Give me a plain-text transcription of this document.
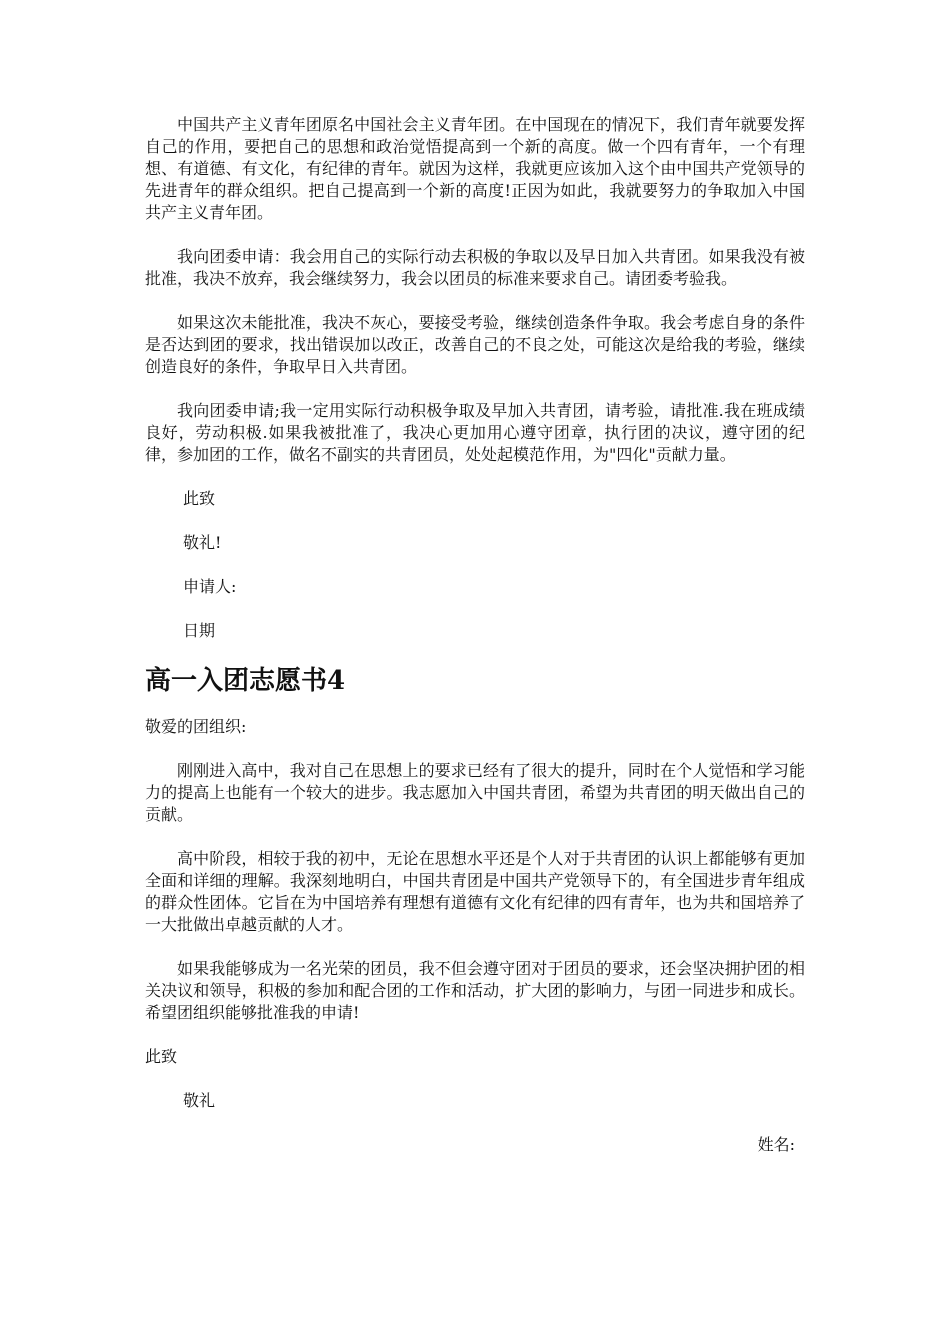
中国共产主义青年团原名中国社会主义青年团。在中国现在的情况下，我们青年就要发挥自己的作用，要把自己的思想和政治觉悟提高到一个新的高度。做一个四有青年，一个有理想、有道德、有文化，有纪律的青年。就因为这样，我就更应该加入这个由中国共产党领导的先进青年的群众组织。把自己提高到一个新的高度!正因为如此，我就要努力的争取加入中国共产主义青年团。

我向团委申请：我会用自己的实际行动去积极的争取以及早日加入共青团。如果我没有被批准，我决不放弃，我会继续努力，我会以团员的标准来要求自己。请团委考验我。

如果这次未能批准，我决不灰心，要接受考验，继续创造条件争取。我会考虑自身的条件是否达到团的要求，找出错误加以改正，改善自己的不良之处，可能这次是给我的考验，继续创造良好的条件，争取早日入共青团。

我向团委申请;我一定用实际行动积极争取及早加入共青团，请考验，请批准.我在班成绩良好，劳动积极.如果我被批准了，我决心更加用心遵守团章，执行团的决议，遵守团的纪律，参加团的工作，做名不副实的共青团员，处处起模范作用，为"四化"贡献力量。

此致

敬礼!

申请人:

日期

高一入团志愿书4

敬爱的团组织:

刚刚进入高中，我对自己在思想上的要求已经有了很大的提升，同时在个人觉悟和学习能力的提高上也能有一个较大的进步。我志愿加入中国共青团，希望为共青团的明天做出自己的贡献。

高中阶段，相较于我的初中，无论在思想水平还是个人对于共青团的认识上都能够有更加全面和详细的理解。我深刻地明白，中国共青团是中国共产党领导下的，有全国进步青年组成的群众性团体。它旨在为中国培养有理想有道德有文化有纪律的四有青年，也为共和国培养了一大批做出卓越贡献的人才。

如果我能够成为一名光荣的团员，我不但会遵守团对于团员的要求，还会坚决拥护团的相关决议和领导，积极的参加和配合团的工作和活动，扩大团的影响力，与团一同进步和成长。希望团组织能够批准我的申请!

此致

敬礼

姓名:
